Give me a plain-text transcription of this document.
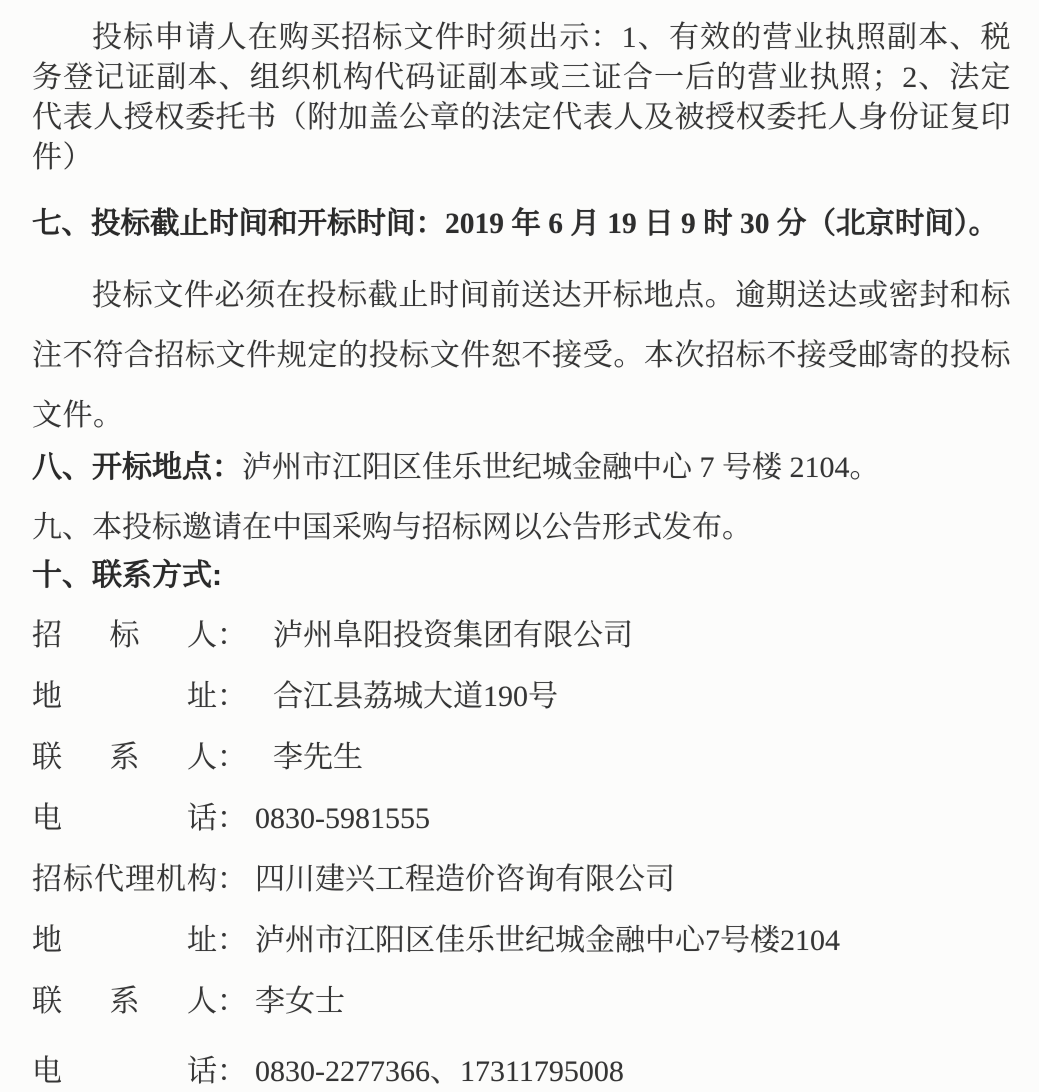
投标申请人在购买招标文件时须出示：1、有效的营业执照副本、税务登记证副本、组织机构代码证副本或三证合一后的营业执照；2、法定代表人授权委托书（附加盖公章的法定代表人及被授权委托人身份证复印件）

七、投标截止时间和开标时间：2019 年 6 月 19 日 9 时 30 分（北京时间）。

投标文件必须在投标截止时间前送达开标地点。逾期送达或密封和标注不符合招标文件规定的投标文件恕不接受。本次招标不接受邮寄的投标文件。

八、开标地点：泸州市江阳区佳乐世纪城金融中心 7 号楼 2104。
九、本投标邀请在中国采购与招标网以公告形式发布。
十、联系方式:
招标人： 泸州阜阳投资集团有限公司
地址： 合江县荔城大道190号
联系人： 李先生
电话： 0830-5981555
招标代理机构： 四川建兴工程造价咨询有限公司
地址： 泸州市江阳区佳乐世纪城金融中心7号楼2104
联系人： 李女士
电话： 0830-2277366、17311795008
